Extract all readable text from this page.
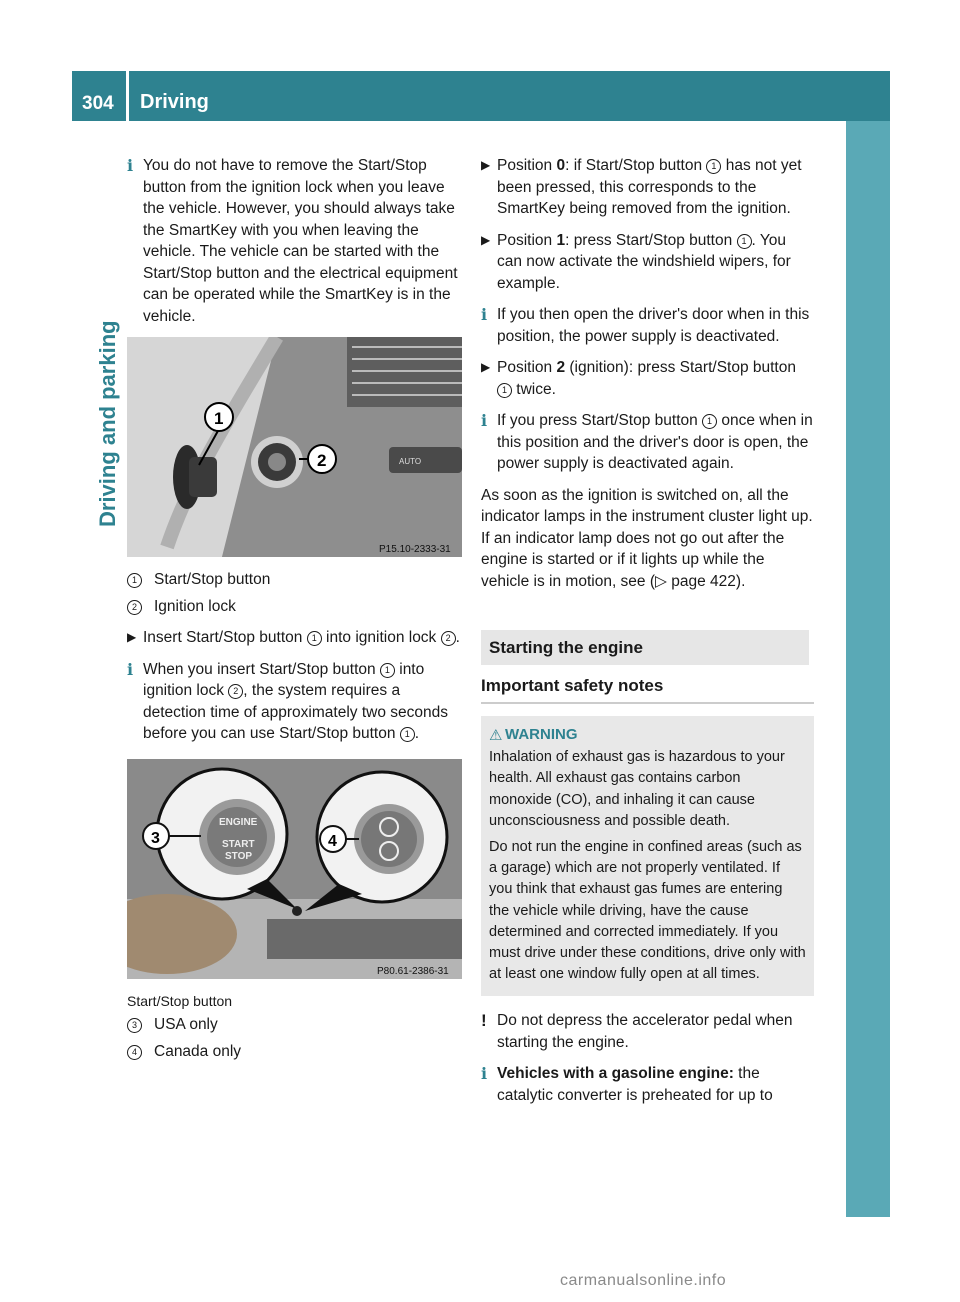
304 Driving
Driving and parking

i You do not have to remove the Start/Stop button from the ignition lock when you leave the vehicle. However, you should always take the SmartKey with you when leaving the vehicle. The vehicle can be started with the Start/Stop button and the electrical equipment can be operated while the SmartKey is in the vehicle.

AUTO
1
2
P15.10-2333-31

1	Start/Stop button

2	Ignition lock

▶ Insert Start/Stop button 1 into ignition lock 2 .

i When you insert Start/Stop button 1 into ignition lock 2 , the system requires a detection time of approximately two seconds before you can use Start/Stop button 1 .

ENGINE
START
STOP
3	4
P80.61-2386-31

Start/Stop button

3	USA only

4	Canada only

▶ Position 0: if Start/Stop button 1 has not yet been pressed, this corresponds to the SmartKey being removed from the ignition.

▶ Position 1: press Start/Stop button 1 . You can now activate the windshield wipers, for example.

i If you then open the driver's door when in this position, the power supply is deactivated.

▶ Position 2 (ignition): press Start/Stop button 1 twice.

i If you press Start/Stop button 1 once when in this position and the driver's door is open, the power supply is deactivated again.

As soon as the ignition is switched on, all the indicator lamps in the instrument cluster light up. If an indicator lamp does not go out after the engine is started or if it lights up while the vehicle is in motion, see (▷ page 422).

Starting the engine
Important safety notes
⚠ WARNING

Inhalation of exhaust gas is hazardous to your health. All exhaust gas contains carbon monoxide (CO), and inhaling it can cause unconsciousness and possible death.

Do not run the engine in confined areas (such as a garage) which are not properly ventilated. If you think that exhaust gas fumes are entering the vehicle while driving, have the cause determined and corrected immediately. If you must drive under these conditions, drive only with at least one window fully open at all times.

! Do not depress the accelerator pedal when starting the engine.

i Vehicles with a gasoline engine: the catalytic converter is preheated for up to

carmanualsonline.info
